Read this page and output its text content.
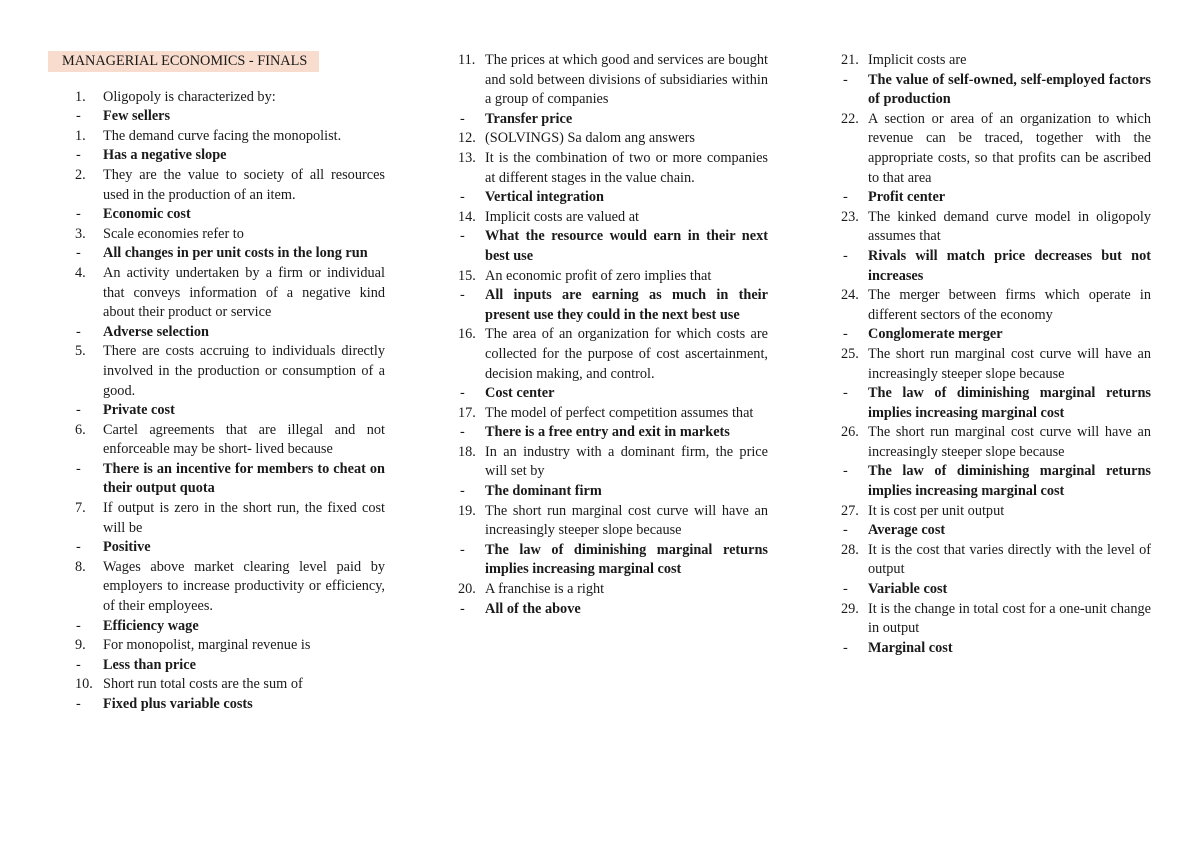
MANAGERIAL ECONOMICS - FINALS
1.	Oligopoly is characterized by:
-	Few sellers
1.	The demand curve facing the monopolist.
-	Has a negative slope
2.	They are the value to society of all resources used in the production of an item.
-	Economic cost
3.	Scale economies refer to
-	All changes in per unit costs in the long run
4.	An activity undertaken by a firm or individual that conveys information of a negative kind about their product or service
-	Adverse selection
5.	There are costs accruing to individuals directly involved in the production or consumption of a good.
-	Private cost
6.	Cartel agreements that are illegal and not enforceable may be short- lived because
-	There is an incentive for members to cheat on their output quota
7.	If output is zero in the short run, the fixed cost will be
-	Positive
8.	Wages above market clearing level paid by employers to increase productivity or efficiency, of their employees.
-	Efficiency wage
9.	For monopolist, marginal revenue is
-	Less than price
10. Short run total costs are the sum of
-	Fixed plus variable costs
11. The prices at which good and services are bought and sold between divisions of subsidiaries within a group of companies
-	Transfer price
12. (SOLVINGS) Sa dalom ang answers
13. It is the combination of two or more companies at different stages in the value chain.
-	Vertical integration
14. Implicit costs are valued at
-	What the resource would earn in their next best use
15. An economic profit of zero implies that
-	All inputs are earning as much in their present use they could in the next best use
16. The area of an organization for which costs are collected for the purpose of cost ascertainment, decision making, and control.
-	Cost center
17. The model of perfect competition assumes that
-	There is a free entry and exit in markets
18. In an industry with a dominant firm, the price will set by
-	The dominant firm
19. The short run marginal cost curve will have an increasingly steeper slope because
-	The law of diminishing marginal returns implies increasing marginal cost
20. A franchise is a right
-	All of the above
21. Implicit costs are
-	The value of self-owned, self-employed factors of production
22. A section or area of an organization to which revenue can be traced, together with the appropriate costs, so that profits can be ascribed to that area
-	Profit center
23. The kinked demand curve model in oligopoly assumes that
-	Rivals will match price decreases but not increases
24. The merger between firms which operate in different sectors of the economy
-	Conglomerate merger
25. The short run marginal cost curve will have an increasingly steeper slope because
-	The law of diminishing marginal returns implies increasing marginal cost
26. The short run marginal cost curve will have an increasingly steeper slope because
-	The law of diminishing marginal returns implies increasing marginal cost
27. It is cost per unit output
-	Average cost
28. It is the cost that varies directly with the level of output
-	Variable cost
29. It is the change in total cost for a one-unit change in output
-	Marginal cost
